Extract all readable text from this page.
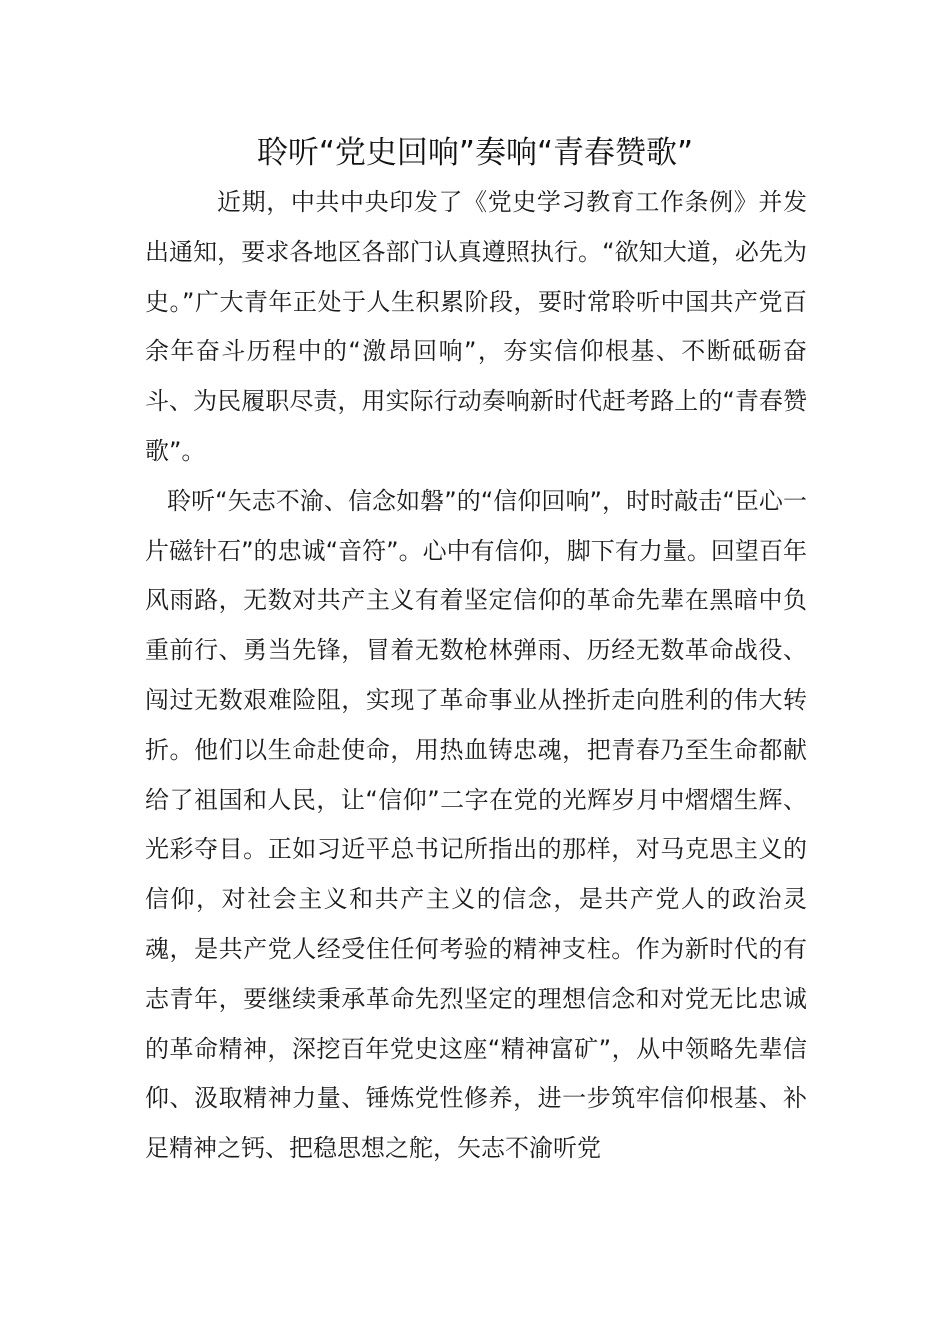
聆听“党史回响”奏响“青春赞歌”

近期，中共中央印发了《党史学习教育工作条例》并发出通知，要求各地区各部门认真遵照执行。“欲知大道，必先为史。”广大青年正处于人生积累阶段，要时常聆听中国共产党百余年奋斗历程中的“激昂回响”，夯实信仰根基、不断砥砺奋斗、为民履职尽责，用实际行动奏响新时代赶考路上的“青春赞歌”。

聆听“矢志不渝、信念如磐”的“信仰回响”，时时敲击“臣心一片磁针石”的忠诚“音符”。心中有信仰，脚下有力量。回望百年风雨路，无数对共产主义有着坚定信仰的革命先辈在黑暗中负重前行、勇当先锋，冒着无数枪林弹雨、历经无数革命战役、闯过无数艰难险阻，实现了革命事业从挫折走向胜利的伟大转折。他们以生命赴使命，用热血铸忠魂，把青春乃至生命都献给了祖国和人民，让“信仰”二字在党的光辉岁月中熠熠生辉、光彩夺目。正如习近平总书记所指出的那样，对马克思主义的信仰，对社会主义和共产主义的信念，是共产党人的政治灵魂，是共产党人经受住任何考验的精神支柱。作为新时代的有志青年，要继续秉承革命先烈坚定的理想信念和对党无比忠诚的革命精神，深挖百年党史这座“精神富矿”，从中领略先辈信仰、汲取精神力量、锤炼党性修养，进一步筑牢信仰根基、补足精神之钙、把稳思想之舵，矢志不渝听党
